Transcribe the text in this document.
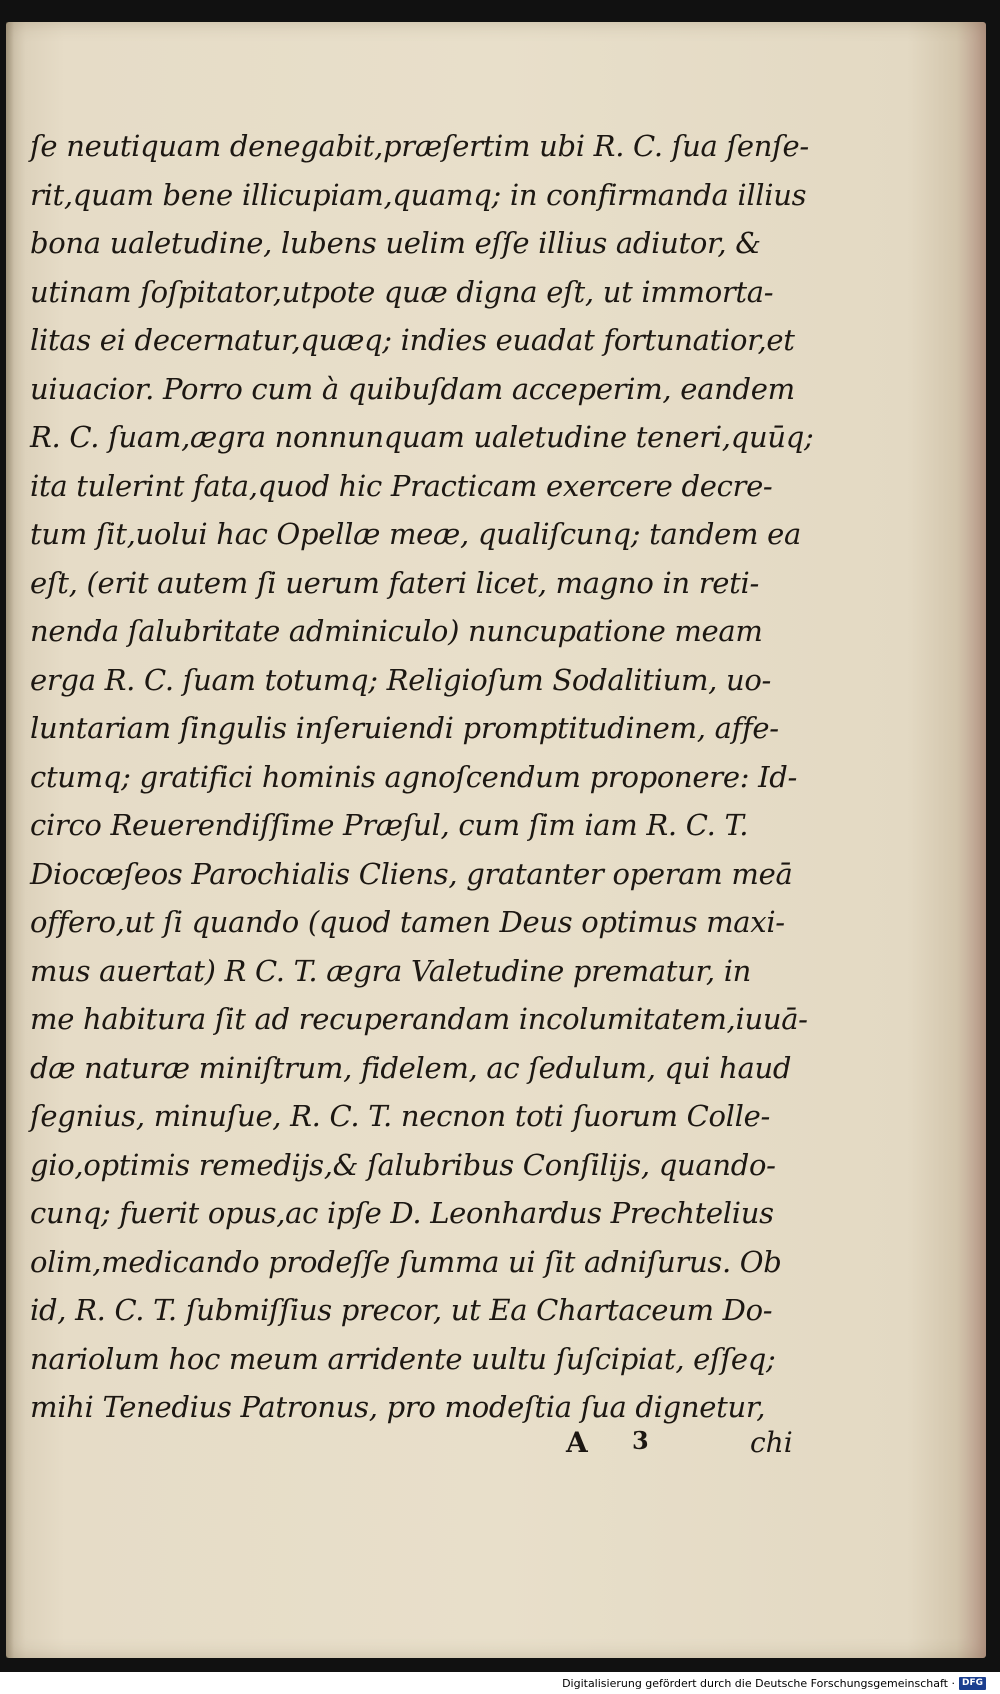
ſe neutiquam denegabit,præſertim ubi R. C. ſua ſenſe-
rit,quam bene illicupiam,quamq; in confirmanda illius
bona ualetudine, lubens uelim eſſe illius adiutor, &
utinam ſoſpitator,utpote quæ digna eſt, ut immorta-
litas ei decernatur,quæq; indies euadat fortunatior,et
uiuacior. Porro cum à quibuſdam acceperim, eandem
R. C. ſuam,ægra nonnunquam ualetudine teneri,quūq;
ita tulerint fata,quod hic Practicam exercere decre-
tum ſit,uolui hac Opellæ meæ, qualiſcunq; tandem ea
eſt, (erit autem ſi uerum fateri licet, magno in reti-
nenda ſalubritate adminiculo) nuncupatione meam
erga R. C. ſuam totumq; Religioſum Sodalitium, uo-
luntariam ſingulis inſeruiendi promptitudinem, affe-
ctumq; gratifici hominis agnoſcendum proponere: Id-
circo Reuerendiſſime Præſul, cum ſim iam R. C. T.
Diocœſeos Parochialis Cliens, gratanter operam meā
offero,ut ſi quando (quod tamen Deus optimus maxi-
mus auertat) R C. T. ægra Valetudine prematur, in
me habitura ſit ad recuperandam incolumitatem,iuuā-
dæ naturæ miniſtrum, fidelem, ac ſedulum, qui haud
ſegnius, minuſue, R. C. T. necnon toti ſuorum Colle-
gio,optimis remedijs,& ſalubribus Conſilijs, quando-
cunq; fuerit opus,ac ipſe D. Leonhardus Prechtelius
olim,medicando prodeſſe ſumma ui ſit adniſurus. Ob
id, R. C. T. ſubmiſſius precor, ut Ea Chartaceum Do-
nariolum hoc meum arridente uultu ſuſcipiat, eſſeq;
mihi Tenedius Patronus, pro modeſtia ſua dignetur,
A 3	chi
Digitalisierung gefördert durch die Deutsche Forschungsgemeinschaft · DFG
